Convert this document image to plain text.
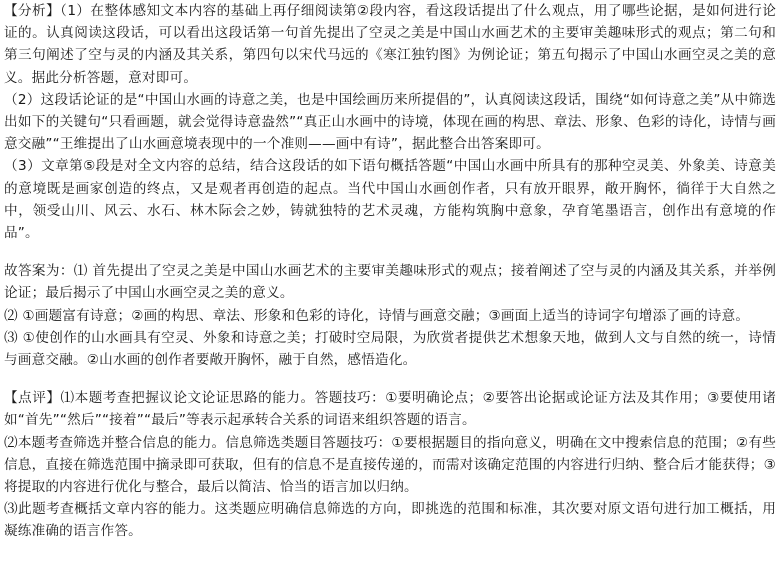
【分析】（1）在整体感知文本内容的基础上再仔细阅读第②段内容，看这段话提出了什么观点，用了哪些论据，是如何进行论证的。认真阅读这段话，可以看出这段话第一句首先提出了空灵之美是中国山水画艺术的主要审美趣味形式的观点；第二句和第三句阐述了空与灵的内涵及其关系，第四句以宋代马远的《寒江独钓图》为例论证；第五句揭示了中国山水画空灵之美的意义。据此分析答题，意对即可。

（2）这段话论证的是“中国山水画的诗意之美，也是中国绘画历来所提倡的”，认真阅读这段话，围绕“如何诗意之美”从中筛选出如下的关键句“只看画题，就会觉得诗意盎然”“真正山水画中的诗境，体现在画的构思、章法、形象、色彩的诗化，诗情与画意交融”“王维提出了山水画意境表现中的一个准则——画中有诗”，据此整合出答案即可。

（3）文章第⑤段是对全文内容的总结，结合这段话的如下语句概括答题“中国山水画中所具有的那种空灵美、外象美、诗意美的意境既是画家创造的终点，又是观者再创造的起点。当代中国山水画创作者，只有放开眼界，敞开胸怀，徜徉于大自然之中，领受山川、风云、水石、林木际会之妙，铸就独特的艺术灵魂，方能构筑胸中意象，孕育笔墨语言，创作出有意境的作品”。

故答案为：⑴ 首先提出了空灵之美是中国山水画艺术的主要审美趣味形式的观点；接着阐述了空与灵的内涵及其关系，并举例论证；最后揭示了中国山水画空灵之美的意义。

⑵ ①画题富有诗意；②画的构思、章法、形象和色彩的诗化，诗情与画意交融；③画面上适当的诗词字句增添了画的诗意。

⑶ ①使创作的山水画具有空灵、外象和诗意之美；打破时空局限，为欣赏者提供艺术想象天地，做到人文与自然的统一，诗情与画意交融。②山水画的创作者要敞开胸怀，融于自然，感悟造化。

【点评】⑴本题考查把握议论文论证思路的能力。答题技巧：①要明确论点；②要答出论据或论证方法及其作用；③要使用诸如“首先”“然后”“接着”“最后”等表示起承转合关系的词语来组织答题的语言。

⑵本题考查筛选并整合信息的能力。信息筛选类题目答题技巧：①要根据题目的指向意义，明确在文中搜索信息的范围；②有些信息，直接在筛选范围中摘录即可获取，但有的信息不是直接传递的，而需对该确定范围的内容进行归纳、整合后才能获得；③将提取的内容进行优化与整合，最后以简洁、恰当的语言加以归纳。

⑶此题考查概括文章内容的能力。这类题应明确信息筛选的方向，即挑选的范围和标准，其次要对原文语句进行加工概括，用凝练准确的语言作答。
